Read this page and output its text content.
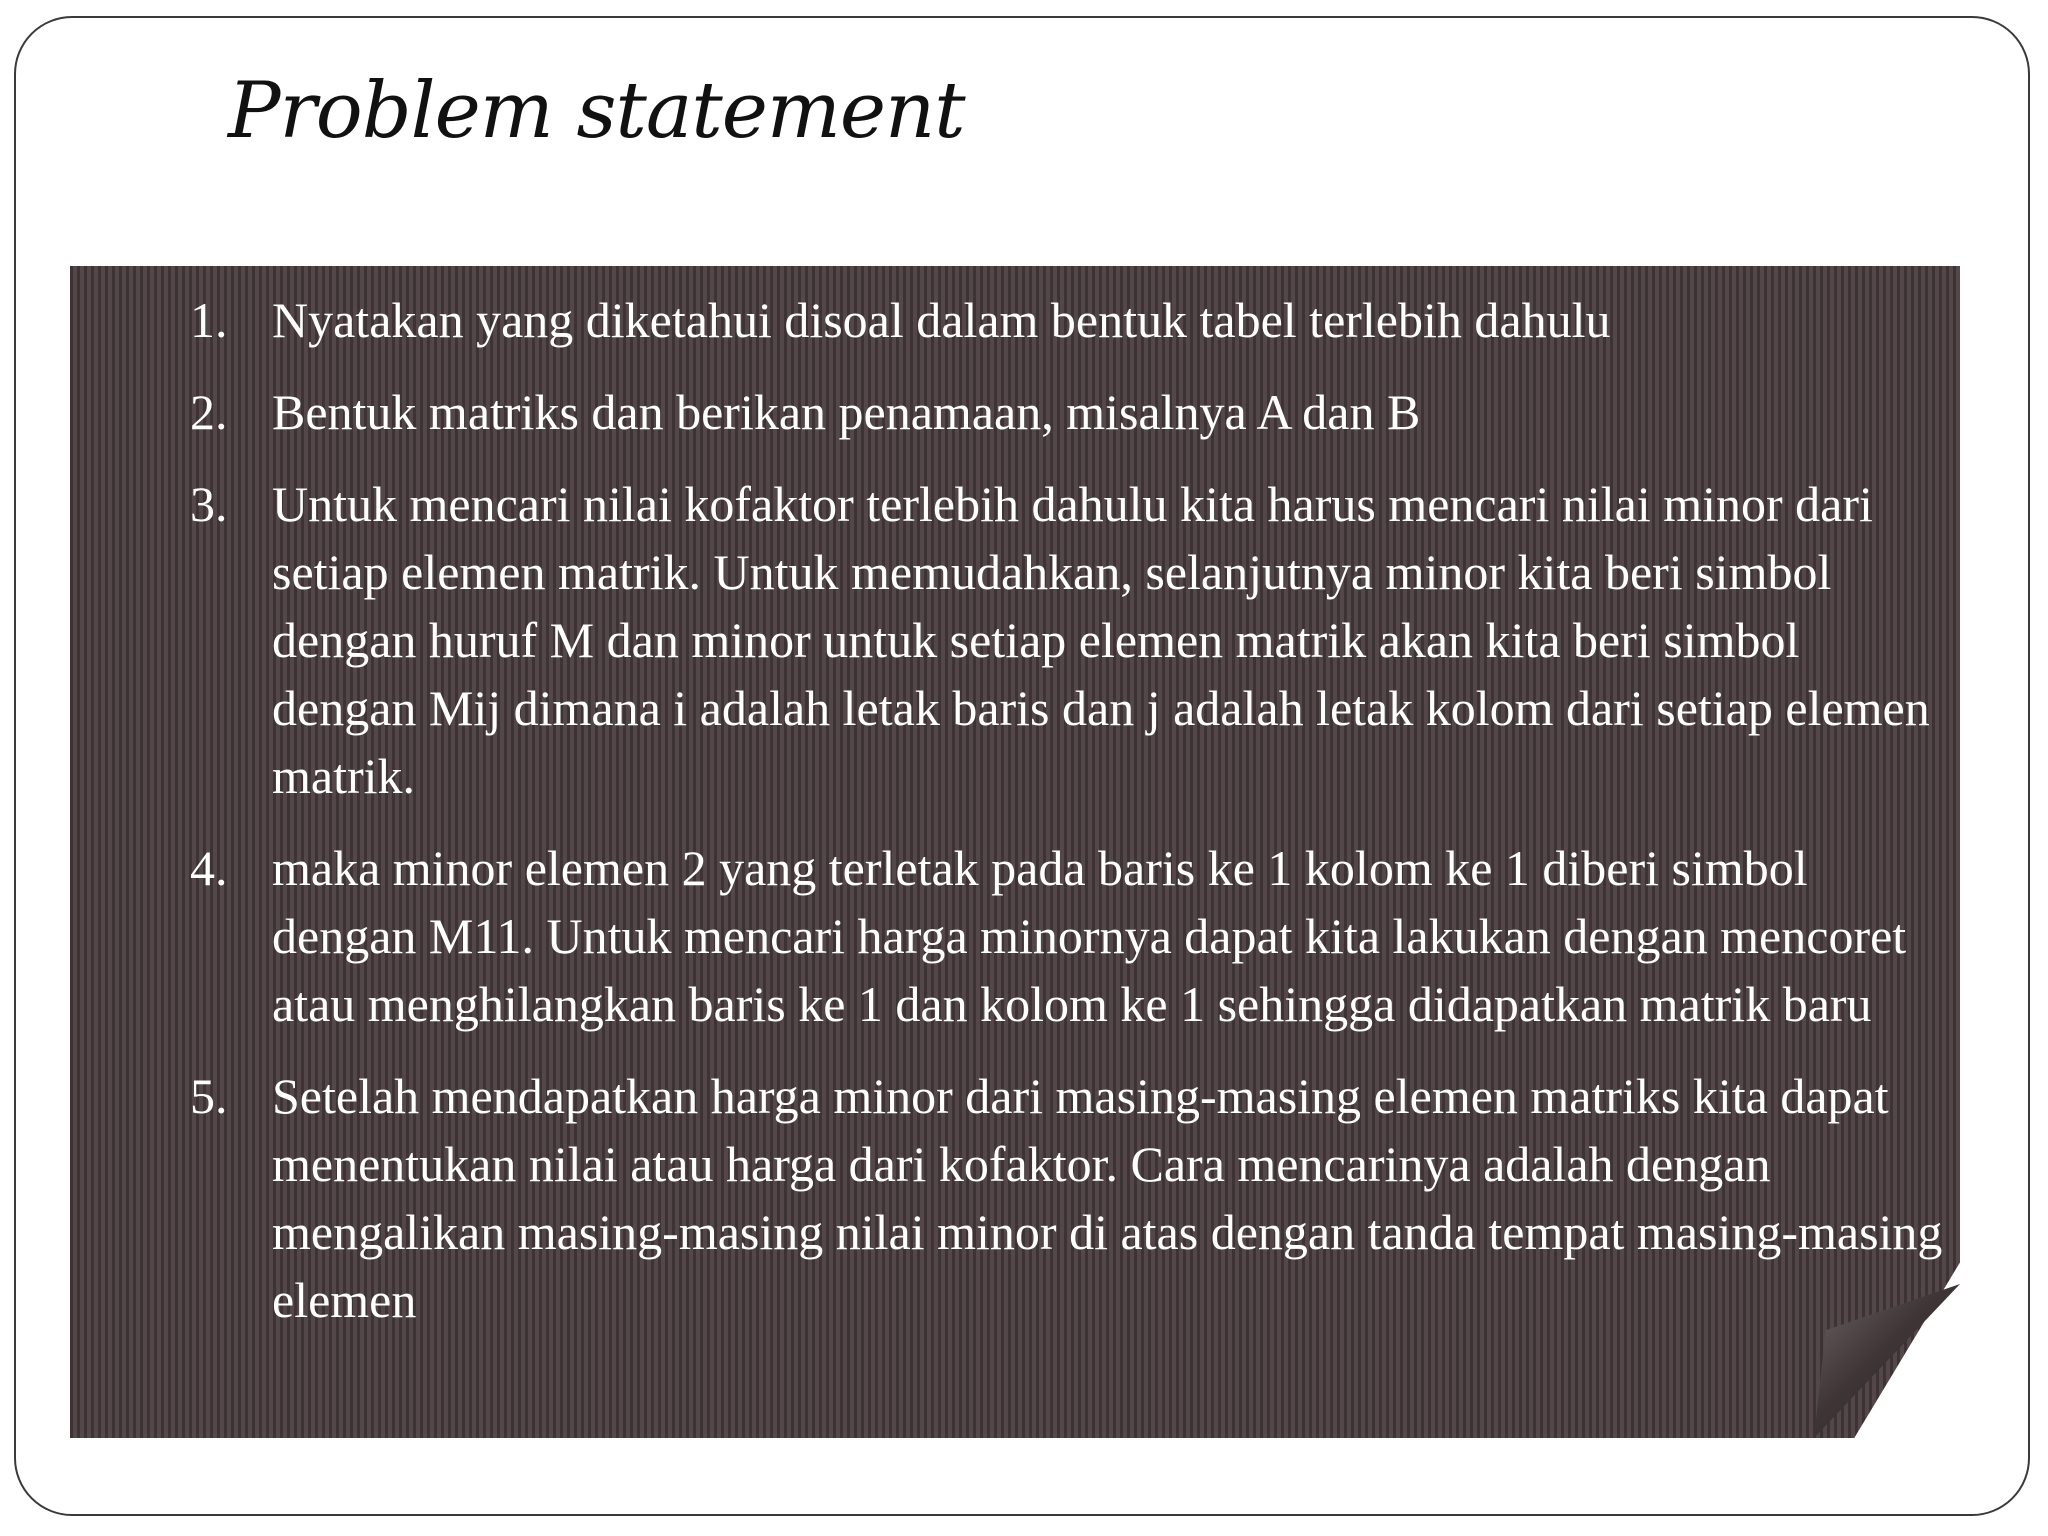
Problem statement
1. Nyatakan yang diketahui disoal dalam bentuk tabel terlebih dahulu
2. Bentuk matriks dan berikan penamaan, misalnya A dan B
3. Untuk mencari nilai kofaktor terlebih dahulu kita harus mencari nilai minor dari setiap elemen matrik. Untuk memudahkan, selanjutnya minor kita beri simbol dengan huruf M dan minor untuk setiap elemen matrik akan kita beri simbol dengan Mij dimana i adalah letak baris dan j adalah letak kolom dari setiap elemen matrik.
4. maka minor elemen 2 yang terletak pada baris ke 1 kolom ke 1 diberi simbol dengan M11. Untuk mencari harga minornya dapat kita lakukan dengan mencoret atau menghilangkan baris ke 1 dan kolom ke 1 sehingga didapatkan matrik baru
5. Setelah mendapatkan harga minor dari masing-masing elemen matriks kita dapat menentukan nilai atau harga dari kofaktor. Cara mencarinya adalah dengan mengalikan masing-masing nilai minor di atas dengan tanda tempat masing-masing elemen
